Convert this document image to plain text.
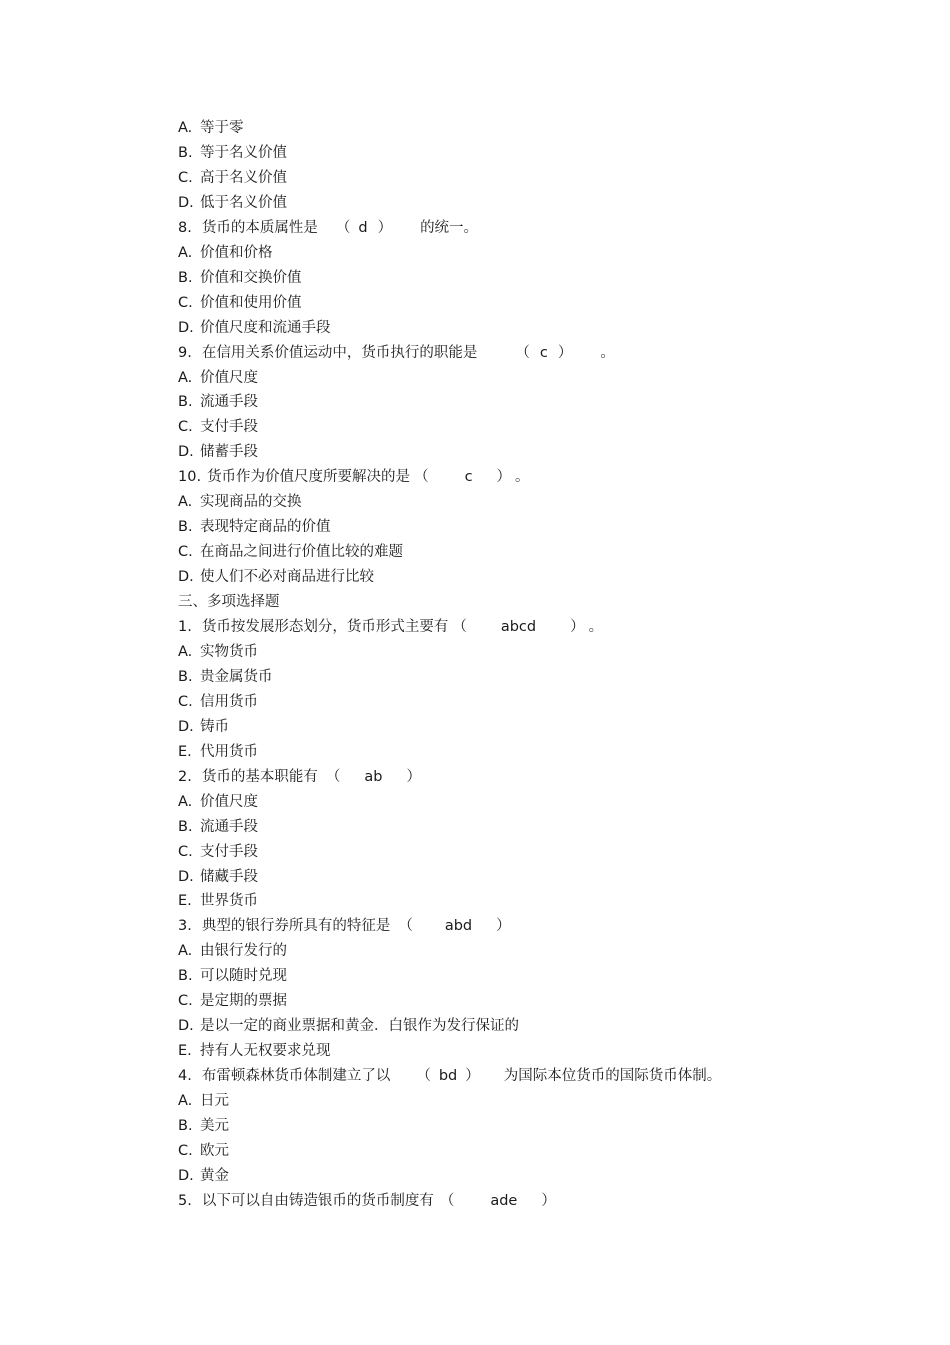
A. 等于零
B. 等于名义价值
C. 高于名义价值
D. 低于名义价值
8. 货币的本质属性是 （ d ） 的统一。
A. 价值和价格
B. 价值和交换价值
C. 价值和使用价值
D. 价值尺度和流通手段
9. 在信用关系价值运动中，货币执行的职能是	（ c ） 。
A. 价值尺度
B. 流通手段
C. 支付手段
D. 储蓄手段
10. 货币作为价值尺度所要解决的是 （ c ） 。
A. 实现商品的交换
B. 表现特定商品的价值
C. 在商品之间进行价值比较的难题
D. 使人们不必对商品进行比较
三、多项选择题
1. 货币按发展形态划分，货币形式主要有 （ abcd ） 。
A. 实物货币
B. 贵金属货币
C. 信用货币
D. 铸币
E. 代用货币
2. 货币的基本职能有 （ ab ）
A. 价值尺度
B. 流通手段
C. 支付手段
D. 储藏手段
E. 世界货币
3. 典型的银行券所具有的特征是 （ abd ）
A. 由银行发行的
B. 可以随时兑现
C. 是定期的票据
D. 是以一定的商业票据和黄金．白银作为发行保证的
E. 持有人无权要求兑现
4. 布雷顿森林货币体制建立了以 （ bd ） 为国际本位货币的国际货币体制。
A. 日元
B. 美元
C. 欧元
D. 黄金
5. 以下可以自由铸造银币的货币制度有 （ ade ）
